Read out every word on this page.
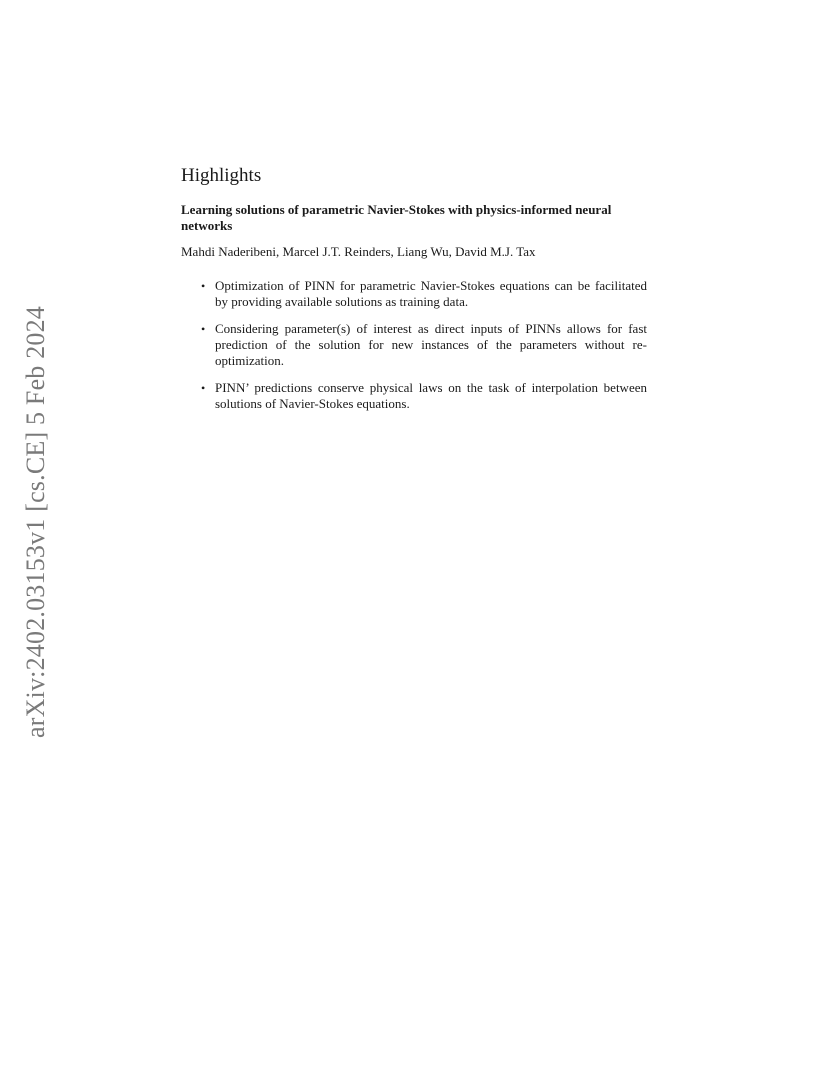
arXiv:2402.03153v1 [cs.CE] 5 Feb 2024
Highlights
Learning solutions of parametric Navier-Stokes with physics-informed neural networks
Mahdi Naderibeni, Marcel J.T. Reinders, Liang Wu, David M.J. Tax
• Optimization of PINN for parametric Navier-Stokes equations can be facilitated by providing available solutions as training data.
• Considering parameter(s) of interest as direct inputs of PINNs allows for fast prediction of the solution for new instances of the parameters without re-optimization.
• PINN’ predictions conserve physical laws on the task of interpolation between solutions of Navier-Stokes equations.
